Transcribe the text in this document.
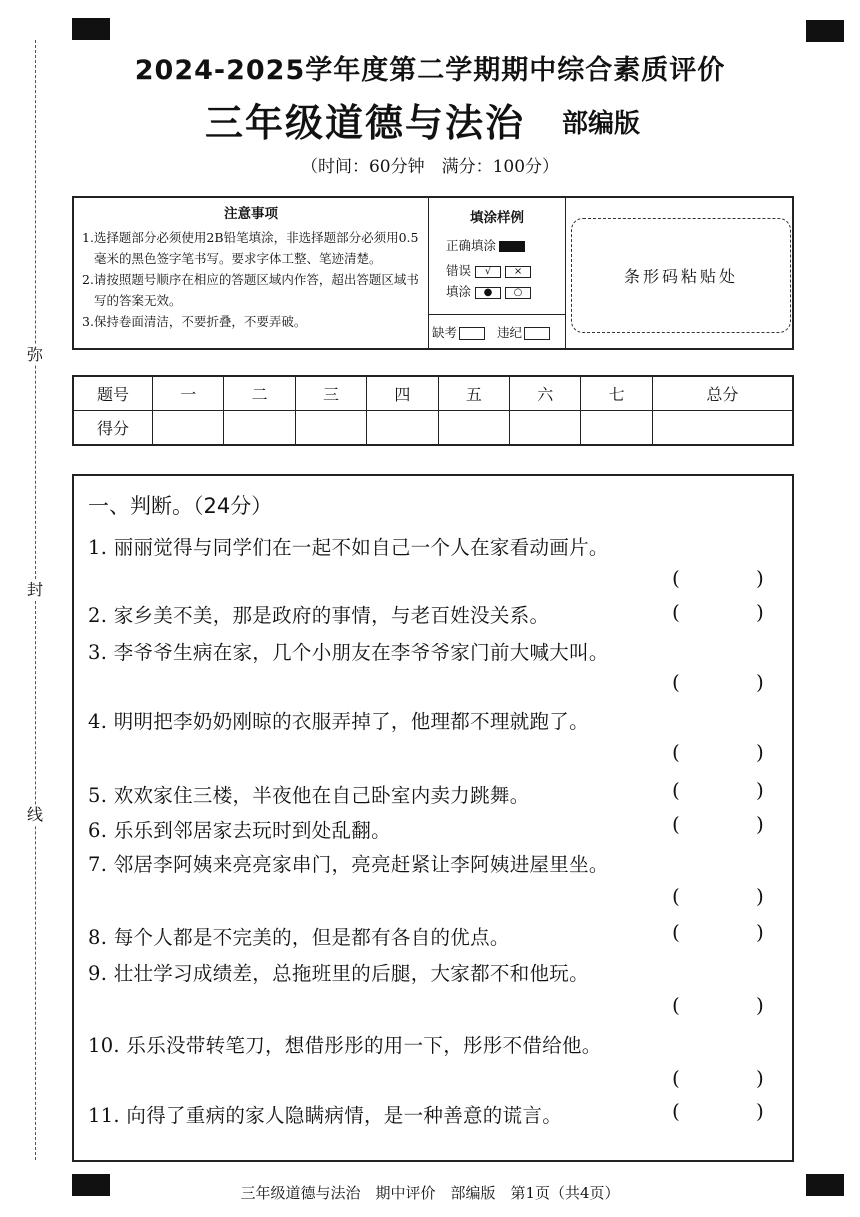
弥
封
线
2024-2025学年度第二学期期中综合素质评价
三年级道德与法治 部编版
（时间：60分钟　满分：100分）
注意事项
1.选择题部分必须使用2B铅笔填涂，非选择题部分必须用0.5毫米的黑色签字笔书写。要求字体工整、笔迹清楚。
2.请按照题号顺序在相应的答题区域内作答，超出答题区域书写的答案无效。
3.保持卷面清洁，不要折叠，不要弄破。
填涂样例
正确填涂
错误 √ ×
填涂 ● ○
缺考	违纪
条形码粘贴处
题号	一	二	三	四	五	六	七	总分
得分								
一、判断。（24分）
1. 丽丽觉得与同学们在一起不如自己一个人在家看动画片。
(	)
2. 家乡美不美，那是政府的事情，与老百姓没关系。	(	)
3. 李爷爷生病在家，几个小朋友在李爷爷家门前大喊大叫。
(	)
4. 明明把李奶奶刚晾的衣服弄掉了，他理都不理就跑了。
(	)
5. 欢欢家住三楼，半夜他在自己卧室内卖力跳舞。	(	)
6. 乐乐到邻居家去玩时到处乱翻。	(	)
7. 邻居李阿姨来亮亮家串门，亮亮赶紧让李阿姨进屋里坐。
(	)
8. 每个人都是不完美的，但是都有各自的优点。	(	)
9. 壮壮学习成绩差，总拖班里的后腿，大家都不和他玩。
(	)
10. 乐乐没带转笔刀，想借彤彤的用一下，彤彤不借给他。
(	)
11. 向得了重病的家人隐瞒病情，是一种善意的谎言。	(	)
三年级道德与法治　期中评价　部编版　第1页（共4页）
